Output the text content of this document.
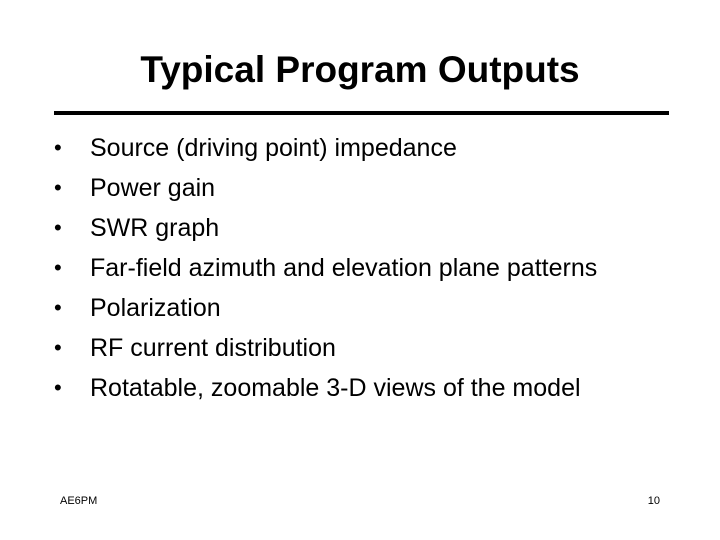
Typical Program Outputs
•	Source (driving point) impedance
•	Power gain
•	SWR graph
•	Far-field azimuth and elevation plane patterns
•	Polarization
•	RF current distribution
•	Rotatable, zoomable 3-D views of the model
AE6PM	10
